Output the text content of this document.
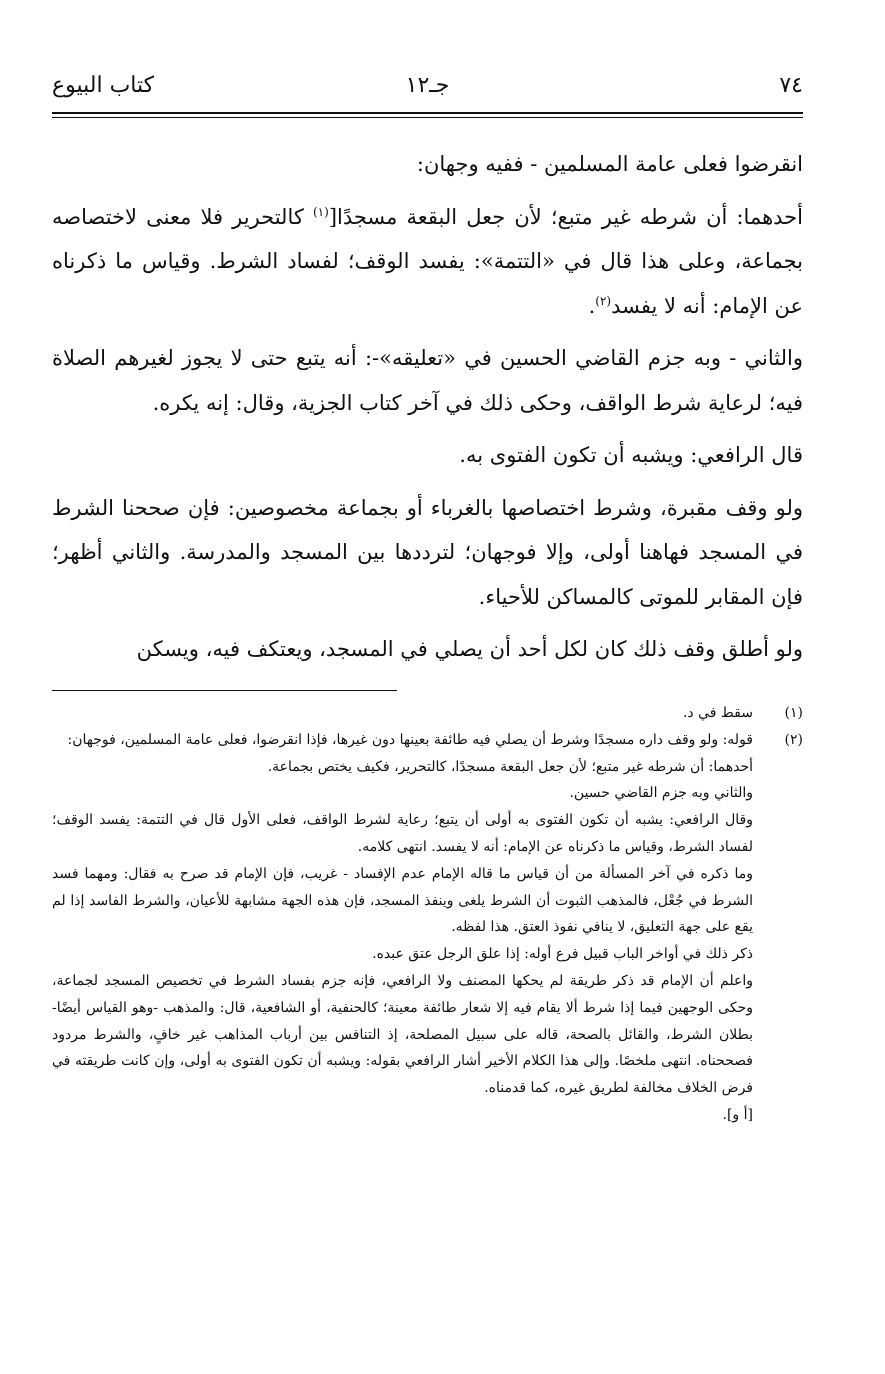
٧٤
جـ١٢
كتاب البيوع

انقرضوا فعلى عامة المسلمين - ففيه وجهان:

أحدهما: أن شرطه غير متبع؛ لأن جعل البقعة مسجدًا[$^{(١)}$ كالتحرير فلا معنى لاختصاصه بجماعة، وعلى هذا قال في «التتمة»: يفسد الوقف؛ لفساد الشرط. وقياس ما ذكرناه عن الإمام: أنه لا يفسد$^{(٢)}$.

والثاني - وبه جزم القاضي الحسين في «تعليقه»-: أنه يتبع حتى لا يجوز لغيرهم الصلاة فيه؛ لرعاية شرط الواقف، وحكى ذلك في آخر كتاب الجزية، وقال: إنه يكره.

قال الرافعي: ويشبه أن تكون الفتوى به.

ولو وقف مقبرة، وشرط اختصاصها بالغرباء أو بجماعة مخصوصين: فإن صححنا الشرط في المسجد فهاهنا أولى، وإلا فوجهان؛ لترددها بين المسجد والمدرسة. والثاني أظهر؛ فإن المقابر للموتى كالمساكن للأحياء.

ولو أطلق وقف ذلك كان لكل أحد أن يصلي في المسجد، ويعتكف فيه، ويسكن

(١)

سقط في د.

(٢)

قوله: ولو وقف داره مسجدًا وشرط أن يصلي فيه طائفة بعينها دون غيرها، فإذا انقرضوا، فعلى عامة المسلمين، فوجهان:

أحدهما: أن شرطه غير متبع؛ لأن جعل البقعة مسجدًا، كالتحرير، فكيف يختص بجماعة.

والثاني وبه جزم القاضي حسين.

وقال الرافعي: يشبه أن تكون الفتوى به أولى أن يتبع؛ رعاية لشرط الواقف، فعلى الأول قال في التتمة: يفسد الوقف؛ لفساد الشرط، وقياس ما ذكرناه عن الإمام: أنه لا يفسد. انتهى كلامه.

وما ذكره في آخر المسألة من أن قياس ما قاله الإمام عدم الإفساد - غريب، فإن الإمام قد صرح به فقال: ومهما فسد الشرط في جُعْل، فالمذهب الثبوت أن الشرط يلغى وينفذ المسجد، فإن هذه الجهة مشابهة للأعيان، والشرط الفاسد إذا لم يقع على جهة التعليق، لا ينافي نفوذ العتق. هذا لفظه.

ذكر ذلك في أواخر الباب قبيل فرع أوله: إذا علق الرجل عتق عبده.

واعلم أن الإمام قد ذكر طريقة لم يحكها المصنف ولا الرافعي، فإنه جزم بفساد الشرط في تخصيص المسجد لجماعة، وحكى الوجهين فيما إذا شرط ألا يقام فيه إلا شعار طائفة معينة؛ كالحنفية، أو الشافعية، قال: والمذهب -وهو القياس أيضًا- بطلان الشرط، والقائل بالصحة، قاله على سبيل المصلحة، إذ التنافس بين أرباب المذاهب غير خافٍ، والشرط مردود فصححناه. انتهى ملخصًا. وإلى هذا الكلام الأخير أشار الرافعي بقوله: ويشبه أن تكون الفتوى به أولى، وإن كانت طريقته في فرض الخلاف مخالفة لطريق غيره، كما قدمناه.

[أ و].
